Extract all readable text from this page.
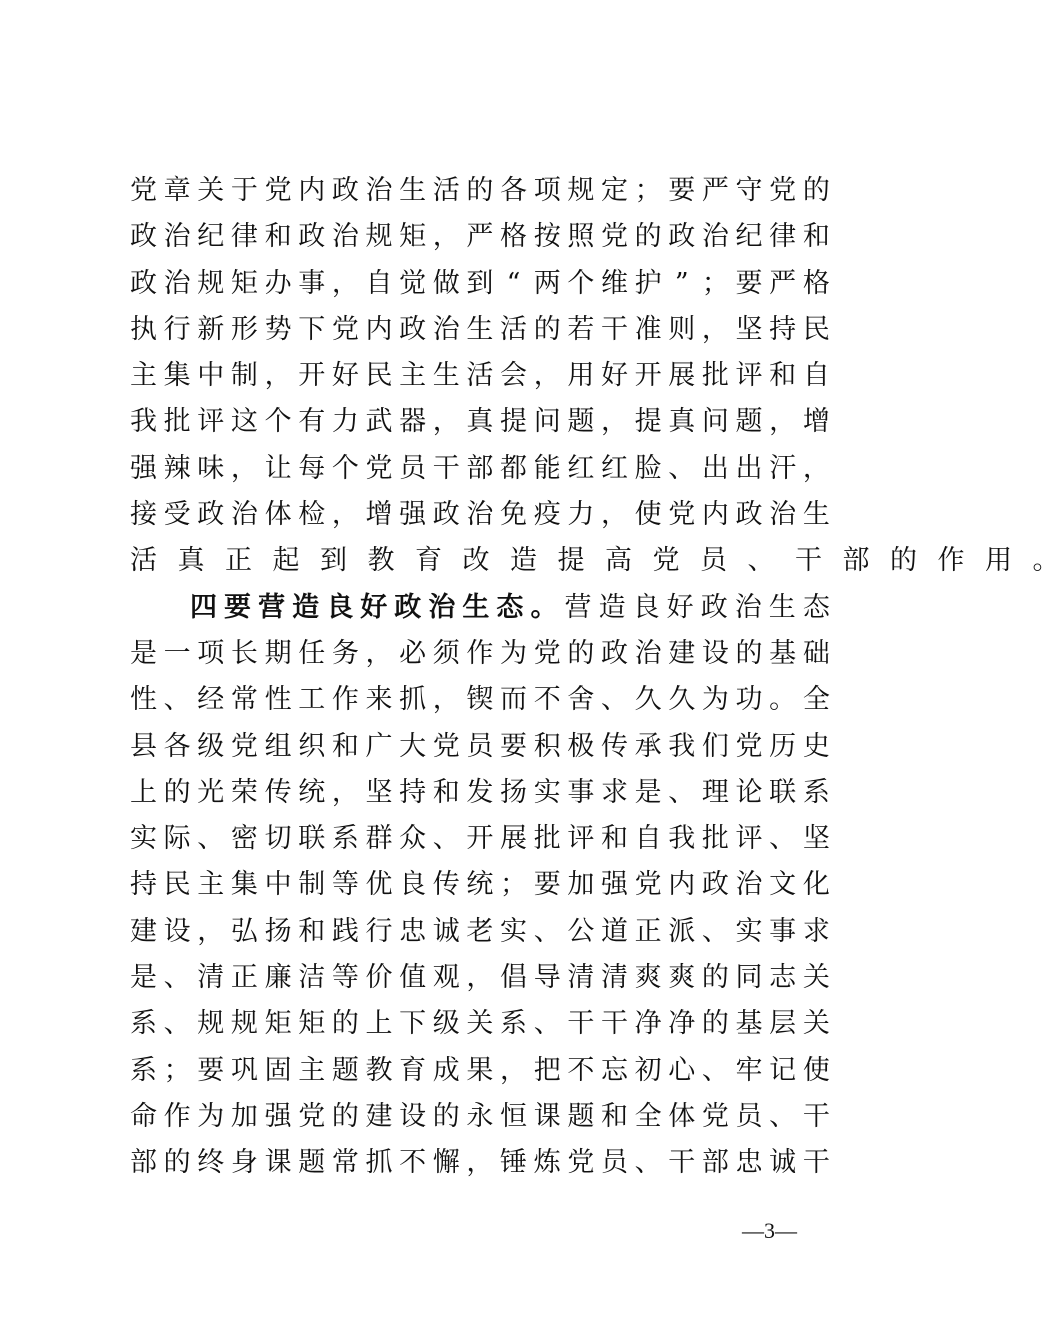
党 章 关 于 党 内 政 治 生 活 的 各 项 规 定 ； 要 严 守 党 的
政 治 纪 律 和 政 治 规 矩 ， 严 格 按 照 党 的 政 治 纪 律 和
政 治 规 矩 办 事 ， 自 觉 做 到 “ 两 个 维 护 ” ； 要 严 格
执 行 新 形 势 下 党 内 政 治 生 活 的 若 干 准 则 ， 坚 持 民
主 集 中 制 ， 开 好 民 主 生 活 会 ， 用 好 开 展 批 评 和 自
我 批 评 这 个 有 力 武 器 ， 真 提 问 题 ， 提 真 问 题 ， 增
强 辣 味 ， 让 每 个 党 员 干 部 都 能 红 红 脸 、 出 出 汗 ，
接 受 政 治 体 检 ， 增 强 政 治 免 疫 力 ， 使 党 内 政 治 生
活 真 正 起 到 教 育 改 造 提 高 党 员 、 干 部 的 作 用 。
四 要 营 造 良 好 政 治 生 态 。 营 造 良 好 政 治 生 态
是 一 项 长 期 任 务 ， 必 须 作 为 党 的 政 治 建 设 的 基 础
性 、 经 常 性 工 作 来 抓 ， 锲 而 不 舍 、 久 久 为 功 。 全
县 各 级 党 组 织 和 广 大 党 员 要 积 极 传 承 我 们 党 历 史
上 的 光 荣 传 统 ， 坚 持 和 发 扬 实 事 求 是 、 理 论 联 系
实 际 、 密 切 联 系 群 众 、 开 展 批 评 和 自 我 批 评 、 坚
持 民 主 集 中 制 等 优 良 传 统 ； 要 加 强 党 内 政 治 文 化
建 设 ， 弘 扬 和 践 行 忠 诚 老 实 、 公 道 正 派 、 实 事 求
是 、 清 正 廉 洁 等 价 值 观 ， 倡 导 清 清 爽 爽 的 同 志 关
系 、 规 规 矩 矩 的 上 下 级 关 系 、 干 干 净 净 的 基 层 关
系 ； 要 巩 固 主 题 教 育 成 果 ， 把 不 忘 初 心 、 牢 记 使
命 作 为 加 强 党 的 建 设 的 永 恒 课 题 和 全 体 党 员 、 干
部 的 终 身 课 题 常 抓 不 懈 ， 锤 炼 党 员 、 干 部 忠 诚 干
—3—
